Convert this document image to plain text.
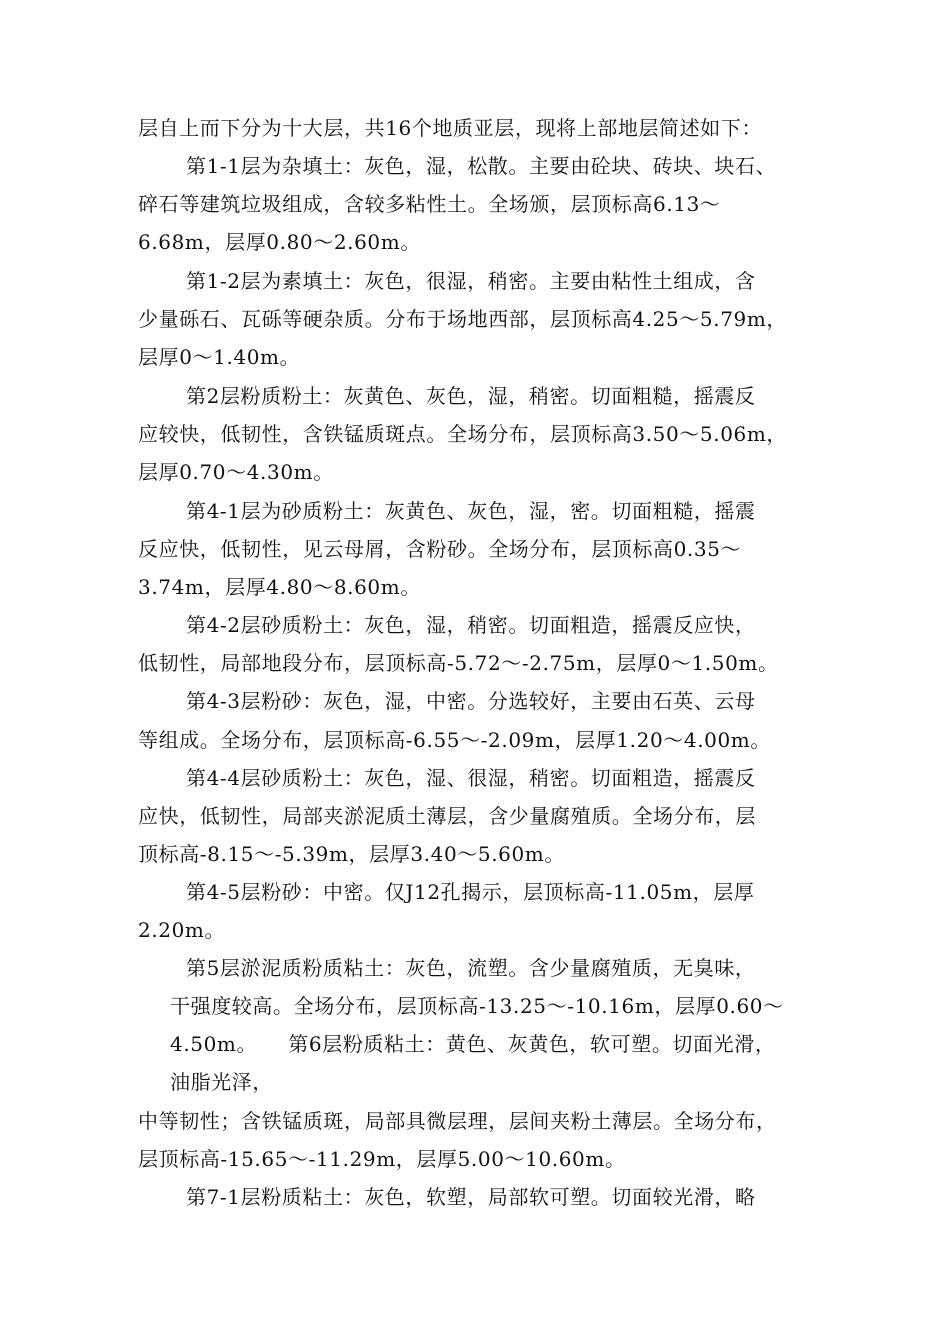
层自上而下分为十大层，共16个地质亚层，现将上部地层简述如下：

第1-1层为杂填土：灰色，湿，松散。主要由砼块、砖块、块石、

碎石等建筑垃圾组成，含较多粘性土。全场颁，层顶标高6.13～

6.68m，层厚0.80～2.60m。

第1-2层为素填土：灰色，很湿，稍密。主要由粘性土组成，含

少量砾石、瓦砾等硬杂质。分布于场地西部，层顶标高4.25～5.79m，

层厚0～1.40m。

第2层粉质粉土：灰黄色、灰色，湿，稍密。切面粗糙，摇震反

应较快，低韧性，含铁锰质斑点。全场分布，层顶标高3.50～5.06m，

层厚0.70～4.30m。

第4-1层为砂质粉土：灰黄色、灰色，湿，密。切面粗糙，摇震

反应快，低韧性，见云母屑，含粉砂。全场分布，层顶标高0.35～

3.74m，层厚4.80～8.60m。

第4-2层砂质粉土：灰色，湿，稍密。切面粗造，摇震反应快，

低韧性，局部地段分布，层顶标高-5.72～-2.75m，层厚0～1.50m。

第4-3层粉砂：灰色，湿，中密。分选较好，主要由石英、云母

等组成。全场分布，层顶标高-6.55～-2.09m，层厚1.20～4.00m。

第4-4层砂质粉土：灰色，湿、很湿，稍密。切面粗造，摇震反

应快，低韧性，局部夹淤泥质土薄层，含少量腐殖质。全场分布，层

顶标高-8.15～-5.39m，层厚3.40～5.60m。

第4-5层粉砂：中密。仅J12孔揭示，层顶标高-11.05m，层厚

2.20m。

第5层淤泥质粉质粘土：灰色，流塑。含少量腐殖质，无臭味，

干强度较高。全场分布，层顶标高-13.25～-10.16m，层厚0.60～

4.50m。　　第6层粉质粘土：黄色、灰黄色，软可塑。切面光滑，

油脂光泽，

中等韧性；含铁锰质斑，局部具微层理，层间夹粉土薄层。全场分布，

层顶标高-15.65～-11.29m，层厚5.00～10.60m。

第7-1层粉质粘土：灰色，软塑，局部软可塑。切面较光滑，略
